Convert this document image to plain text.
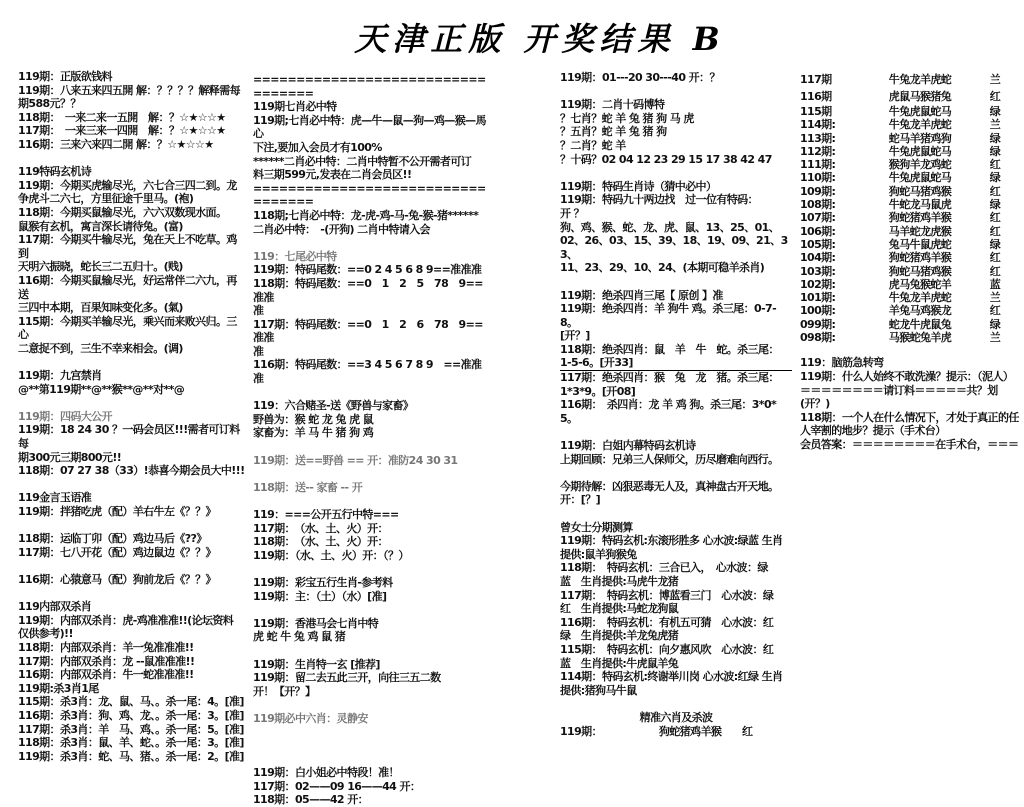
天津正版 开奖结果 B
119期：正版欲钱料
119期：八来五来四五開 解：？？？？解释需每
期588元？？
118期：　一来二来一五開　解：？☆★☆☆★
117期：　一来三来一四開　解：？☆★☆☆★
116期：三来六来四二開 解：？☆★☆☆★
119特码玄机诗
119期：今期买虎输尽光，六七合三四二到。龙
争虎斗二六七，方里征途千里马。(袍)
118期：今期买鼠输尽光，六六双数现水面。
鼠猴有玄机，寓言深长请待兔。(富)
117期：今期买牛输尽光，兔在天上不吃草。鸡到
天明六振晓，蛇长三二五归十。(贱)
116期：今期买鼠输尽光，好运常伴二六九，再送
三四中本期，百果知味变化多。(氣)
115期：今期买羊输尽光，乘兴而来败兴归。三心
二意捉不到，三生不幸来相会。(调)
119期：九宫禁肖
@**第119期**@**猴**@**对**@
119期：四码大公开
119期：18 24 30 ？一码会员区!!!需者可订料每
期300元三期800元!!
118期：07 27 38（33）!恭喜今期会员大中!!!
119金言玉语准
119期：拌猪吃虎（配）羊右牛左《？？》
118期：运临丁卯（配）鸡边马后《??》
117期：七八开花（配）鸡边鼠边《？？》
116期：心猿意马（配）狗前龙后《？？》
119内部双杀肖
119期：内部双杀肖：虎-鸡准准准!!(论坛资料
仅供参考)!!
118期：内部双杀肖：羊一兔准准准!!
117期：内部双杀肖：龙 --鼠准准准!!
116期：内部双杀肖：牛一蛇准准准!!
119期:杀3肖1尾
115期：杀3肖：龙、鼠、马、。杀一尾：4。[准]
116期：杀3肖：狗、鸡、龙、。杀一尾：3。[准]
117期：杀3肖：羊　马、鸡、。杀一尾：5。[准]
118期：杀3肖：鼠、羊、蛇、。杀一尾：3。[准]
119期：杀3肖：蛇、马、猪、。杀一尾：2。[准]
==================================
119期七肖必中特
119期;七肖必中特：虎—牛—鼠—狗—鸡—猴—馬心
下注,要加入会员才有100%
******二肖必中特：二肖中特暂不公开需者可订
料三期599元,发表在二肖会员区!!
==================================
118期;七肖必中特：龙-虎-鸡-马-兔-猴-猪******
二肖必中特：　-(开狗) 二肖中特请入会
119：七尾必中特
119期：特码尾数：==0 2 4 5 6 8 9==准准准
118期：特码尾数：==0　1　2　5　78　9==准准
准
117期：特码尾数：==0　1　2　6　78　9==准准
准
116期：特码尾数：==3 4 5 6 7 8 9　==准准准
119：六合赌圣-送《野兽与家畜》
野兽为：猴 蛇 龙 兔 虎 鼠
家畜为：羊 马 牛 猪 狗 鸡
119期：送==野兽 == 开：准防24 30 31
118期：送-- 家畜 -- 开
119：===公开五行中特===
117期：　（水、土、火）开：
118期：　（水、土、火）开：
119期：（水、土、火）开：（？）
119期：彩宝五行生肖-参考料
119期：主：（土）（水）[准]
119期：香港马会七肖中特
虎 蛇 牛 兔 鸡 鼠 猪
119期：生肖特一玄 [推荐]
119期：留二去五此三开，向往三五二数
开！【开？】
119期必中六肖：灵静安
119期：白小姐必中特段！准！
117期：02——09 16——44 开：
118期：05——42 开：
119期：01---20 30---40 开：？
119期：二肖十码博特
？七肖？蛇 羊 兔 猪 狗 马 虎
？五肖？蛇 羊 兔 猪 狗
？二肖？蛇 羊
？十码？02 04 12 23 29 15 17 38 42 47
119期：特码生肖诗（猜中必中）
119期：特码九十两边找　过一位有特码：
开 ？
狗、鸡、猴、蛇、龙、虎、鼠、13、25、01、
02、26、03、15、39、18、19、09、21、33、
11、23、29、10、24、(本期可稳羊杀肖)
119期：绝杀四肖三尾【 原创 】准
119期：绝杀四肖：羊 狗牛 鸡。杀三尾：0-7-8。
[开？]
118期：绝杀四肖：鼠　羊　牛　蛇。杀三尾：
1-5-6。[开33]
117期：绝杀四肖：猴　兔　龙　猪。杀三尾：
1*3*9。[开08]
116期：　杀四肖：龙 羊 鸡 狗。杀三尾：3*0*5。
119期：白姐内幕特码玄机诗
上期回顾：兄弟三人保师父，历尽磨难向西行。
今期待解：凶狠恶毒无人及，真神盘古开天地。
开：[？]
曾女士分期测算
119期：特码玄机:东滚形胜多 心水波:绿蓝 生肖
提供:鼠羊狗猴兔
118期：　特码玄机：三合已入，　心水波：绿
蓝　生肖提供:马虎牛龙猪
117期：　特码玄机：博蓝看三门　心水波：绿
红　生肖提供:马蛇龙狗鼠
116期：　特码玄机：有机五可猜　心水波：红
绿　生肖提供:羊龙兔虎猪
115期：　特码玄机：向夕惠风吹　心水波：红
蓝　生肖提供:牛虎鼠羊兔
114期：特码玄机:终谢举川岗 心水波:红绿 生肖
提供:猪狗马牛鼠
精准六肖及杀波
119期：　　　　　　狗蛇猪鸡羊猴　　红
117期	牛兔龙羊虎蛇	兰
116期	虎鼠马猴猪兔	红
115期	牛兔虎鼠蛇马	绿
114期:	牛兔龙羊虎蛇	兰
113期:	蛇马羊猪鸡狗	绿
112期:	牛兔虎鼠蛇马	绿
111期:	猴狗羊龙鸡蛇	红
110期:	牛兔虎鼠蛇马	绿
109期:	狗蛇马猪鸡猴	红
108期:	牛蛇龙马鼠虎	绿
107期:	狗蛇猪鸡羊猴	红
106期:	马羊蛇龙虎猴	红
105期:	兔马牛鼠虎蛇	绿
104期:	狗蛇猪鸡羊猴	红
103期:	狗蛇马猪鸡猴	红
102期:	虎马兔猴蛇羊	蓝
101期:	牛兔龙羊虎蛇	兰
100期:	羊兔马鸡猴龙	红
099期:	蛇龙牛虎鼠兔	绿
098期:	马猴蛇兔羊虎	兰
119：脑筋急转弯
119期：什么人始终不敢洗澡？提示：（泥人）
＝＝＝＝＝＝＝＝请订料＝＝＝＝＝共？划
(开？)
118期：一个人在什么情况下，才处于真正的任
人宰割的地步？提示（手术台）
会员答案：＝＝＝＝＝＝＝＝在手术台，＝＝＝
